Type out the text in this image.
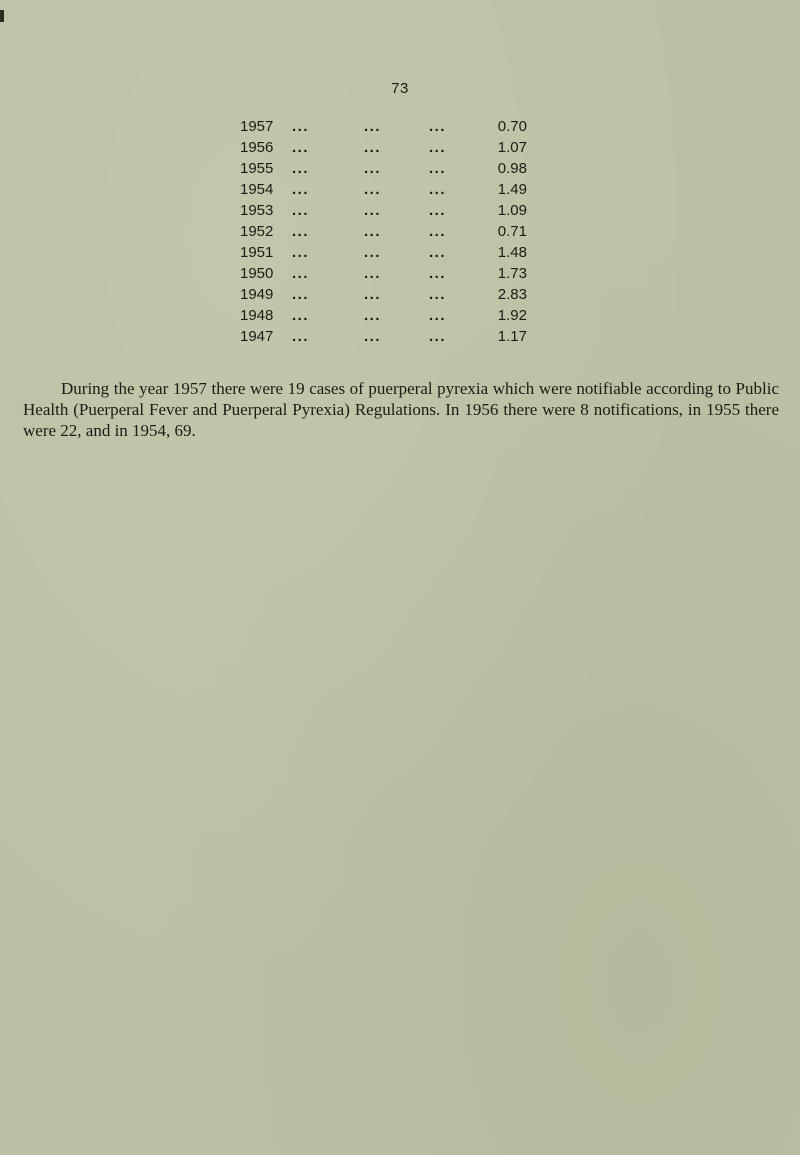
73
1957 ...	...	...	0.70
1956 ...	...	...	1.07
1955 ...	...	...	0.98
1954 ...	...	...	1.49
1953 ...	...	...	1.09
1952 ...	...	...	0.71
1951 ...	...	...	1.48
1950 ...	...	...	1.73
1949 ...	...	...	2.83
1948 ...	...	...	1.92
1947 ...	...	...	1.17

During the year 1957 there were 19 cases of puerperal pyrexia which were notifiable according to Public Health (Puerperal Fever and Puerperal Pyrexia) Regulations. In 1956 there were 8 notifications, in 1955 there were 22, and in 1954, 69.
